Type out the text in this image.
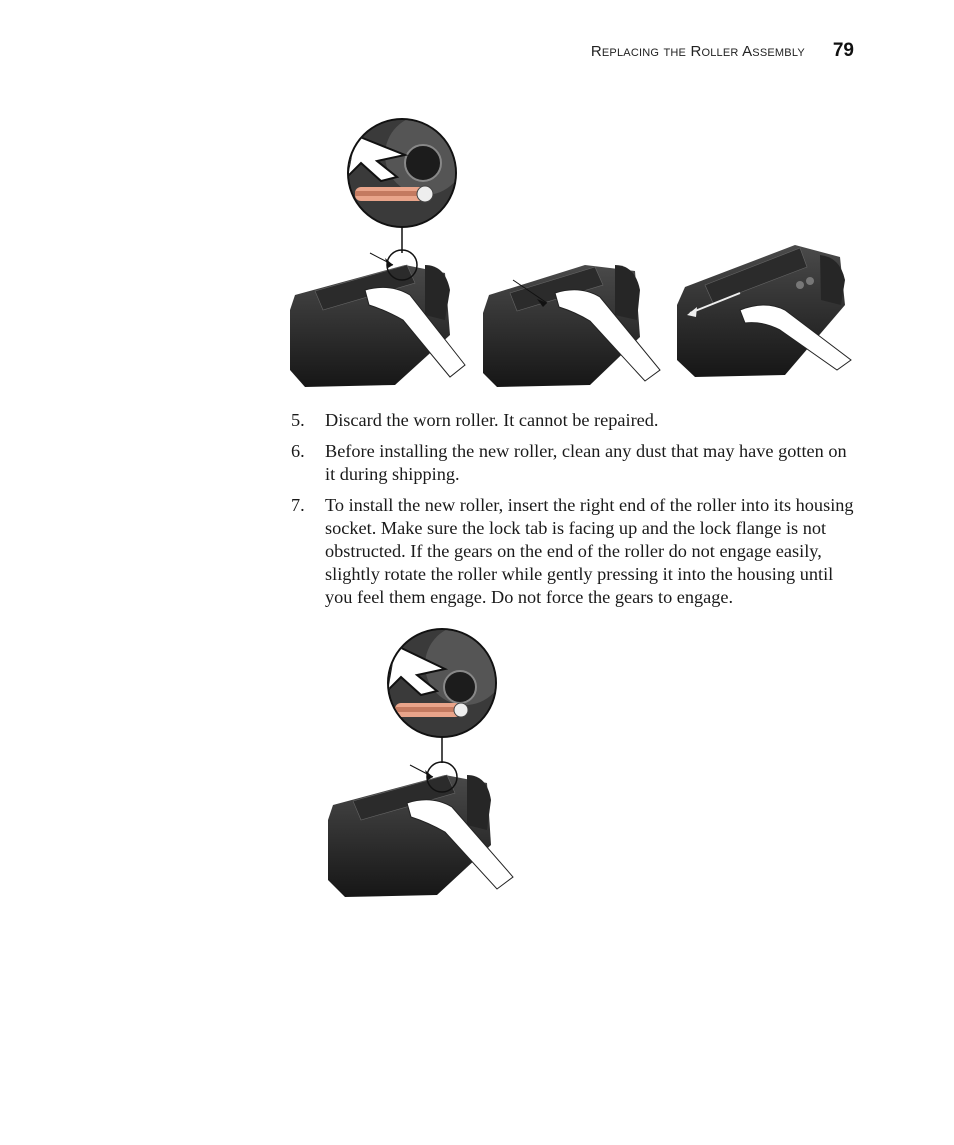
Replacing the Roller Assembly 79
5.	Discard the worn roller. It cannot be repaired.
6.	Before installing the new roller, clean any dust that may have gotten on it during shipping.
7.	To install the new roller, insert the right end of the roller into its housing socket. Make sure the lock tab is facing up and the lock flange is not obstructed. If the gears on the end of the roller do not engage easily, slightly rotate the roller while gently pressing it into the housing until you feel them engage. Do not force the gears to engage.
